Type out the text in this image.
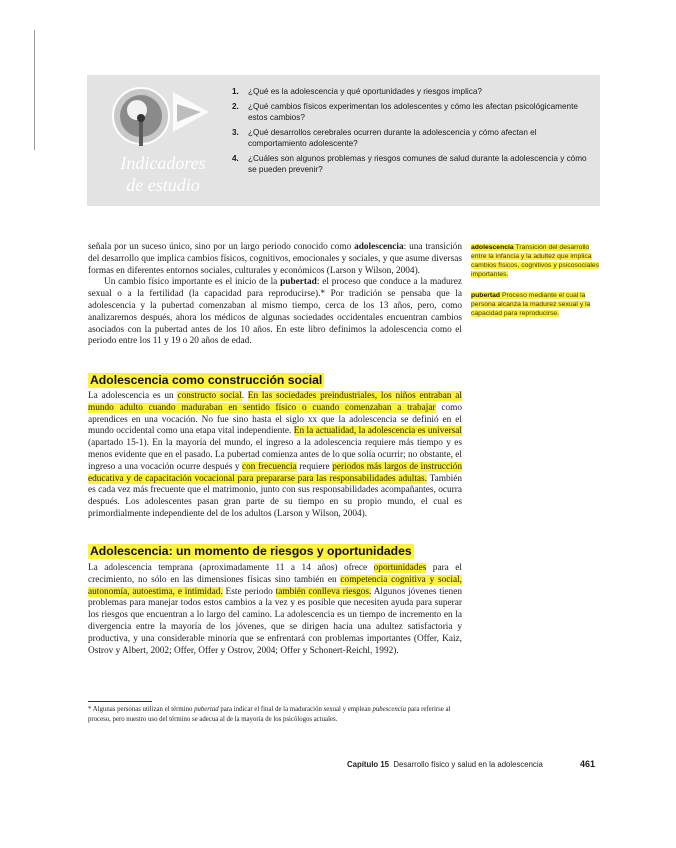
Indicadores
de estudio
1. ¿Qué es la adolescencia y qué oportunidades y riesgos implica?
2. ¿Qué cambios físicos experimentan los adolescentes y cómo les afectan psicológicamente estos cambios?
3. ¿Qué desarrollos cerebrales ocurren durante la adolescencia y cómo afectan el comportamiento adolescente?
4. ¿Cuáles son algunos problemas y riesgos comunes de salud durante la adolescencia y cómo se pueden prevenir?

señala por un suceso único, sino por un largo periodo conocido como adolescencia: una transición del desarrollo que implica cambios físicos, cognitivos, emocionales y sociales, y que asume diversas formas en diferentes entornos sociales, culturales y económicos (Larson y Wilson, 2004).

Un cambio físico importante es el inicio de la pubertad: el proceso que conduce a la madurez sexual o a la fertilidad (la capacidad para reproducirse).* Por tradición se pensaba que la adolescencia y la pubertad comenzaban al mismo tiempo, cerca de los 13 años, pero, como analizaremos después, ahora los médicos de algunas sociedades occidentales encuentran cambios asociados con la pubertad antes de los 10 años. En este libro definimos la adolescencia como el periodo entre los 11 y 19 o 20 años de edad.

Adolescencia como construcción social

La adolescencia es un constructo social. En las sociedades preindustriales, los niños entraban al mundo adulto cuando maduraban en sentido físico o cuando comenzaban a trabajar como aprendices en una vocación. No fue sino hasta el siglo xx que la adolescencia se definió en el mundo occidental como una etapa vital independiente. En la actualidad, la adolescencia es universal (apartado 15-1). En la mayoría del mundo, el ingreso a la adolescencia requiere más tiempo y es menos evidente que en el pasado. La pubertad comienza antes de lo que solía ocurrir; no obstante, el ingreso a una vocación ocurre después y con frecuencia requiere periodos más largos de instrucción educativa y de capacitación vocacional para prepararse para las responsabilidades adultas. También es cada vez más frecuente que el matrimonio, junto con sus responsabilidades acompañantes, ocurra después. Los adolescentes pasan gran parte de su tiempo en su propio mundo, el cual es primordialmente independiente del de los adultos (Larson y Wilson, 2004).

Adolescencia: un momento de riesgos y oportunidades

La adolescencia temprana (aproximadamente 11 a 14 años) ofrece oportunidades para el crecimiento, no sólo en las dimensiones físicas sino también en competencia cognitiva y social, autonomía, autoestima, e intimidad. Este periodo también conlleva riesgos. Algunos jóvenes tienen problemas para manejar todos estos cambios a la vez y es posible que necesiten ayuda para superar los riesgos que encuentran a lo largo del camino. La adolescencia es un tiempo de incremento en la divergencia entre la mayoría de los jóvenes, que se dirigen hacia una adultez satisfactoria y productiva, y una considerable minoría que se enfrentará con problemas importantes (Offer, Kaiz, Ostrov y Albert, 2002; Offer, Offer y Ostrov, 2004; Offer y Schonert-Reichl, 1992).

adolescencia Transición del desarrollo entre la infancia y la adultez que implica cambios físicos, cognitivos y psicosociales importantes.
pubertad Proceso mediante el cual la persona alcanza la madurez sexual y la capacidad para reproducirse.
* Algunas personas utilizan el término pubertad para indicar el final de la maduración sexual y emplean pubescencia para referirse al proceso, pero nuestro uso del término se adecua al de la mayoría de los psicólogos actuales.
Capítulo 15 Desarrollo físico y salud en la adolescencia	461
